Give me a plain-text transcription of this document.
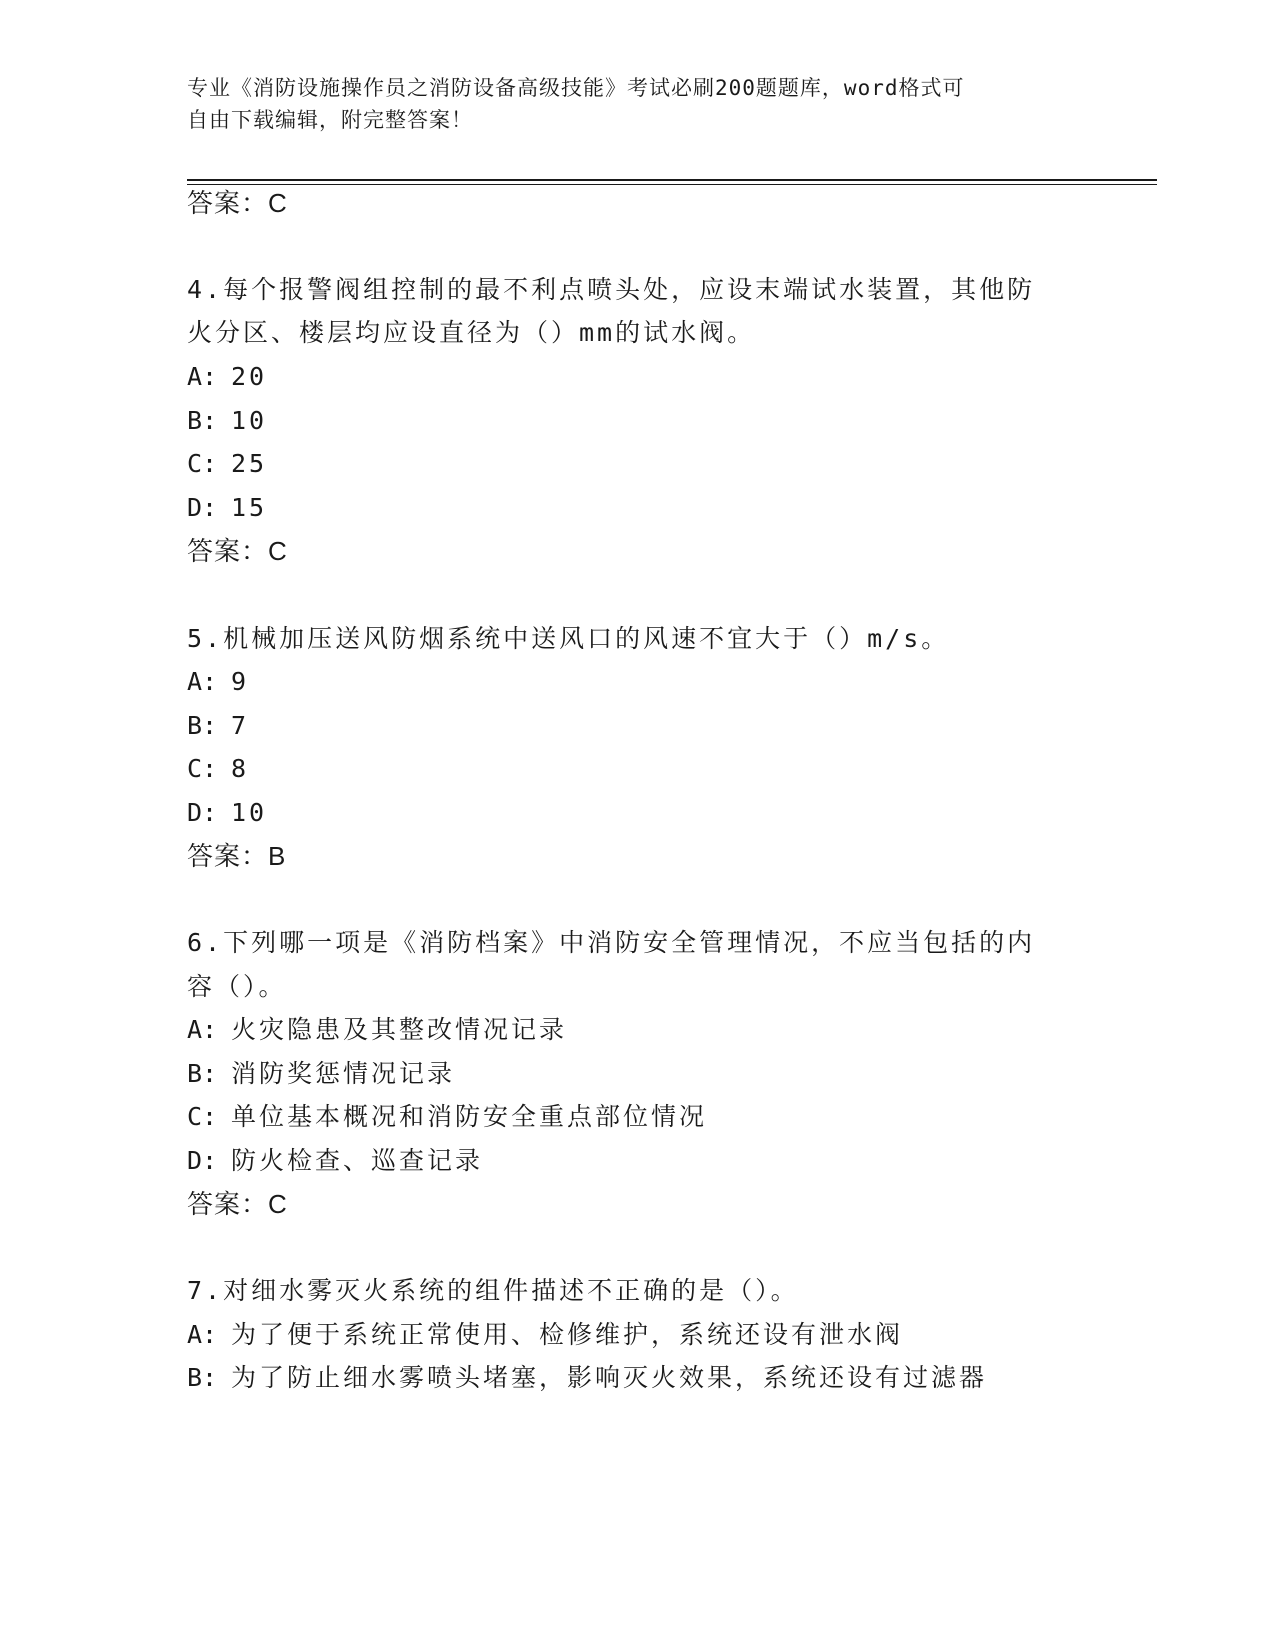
专业《消防设施操作员之消防设备高级技能》考试必刷200题题库，word格式可
自由下载编辑，附完整答案！
答案：C
4.每个报警阀组控制的最不利点喷头处，应设末端试水装置，其他防
火分区、楼层均应设直径为（）mm的试水阀。
A: 20
B: 10
C: 25
D: 15
答案：C
5.机械加压送风防烟系统中送风口的风速不宜大于（）m/s。
A: 9
B: 7
C: 8
D: 10
答案：B
6.下列哪一项是《消防档案》中消防安全管理情况，不应当包括的内
容（）。
A: 火灾隐患及其整改情况记录
B: 消防奖惩情况记录
C: 单位基本概况和消防安全重点部位情况
D: 防火检查、巡查记录
答案：C
7.对细水雾灭火系统的组件描述不正确的是（）。
A: 为了便于系统正常使用、检修维护，系统还设有泄水阀
B: 为了防止细水雾喷头堵塞，影响灭火效果，系统还设有过滤器
